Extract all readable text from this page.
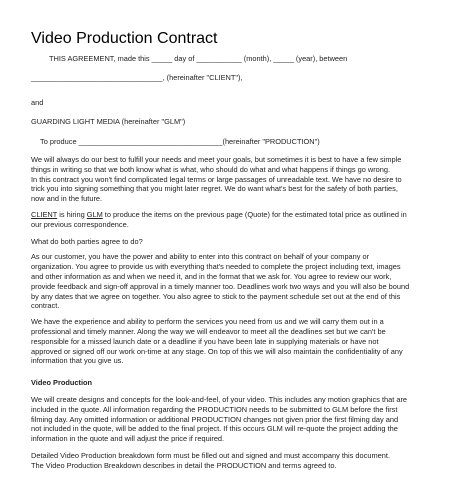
Video Production Contract

THIS AGREEMENT, made this _____ day of ___________ (month), _____ (year), between

________________________________, (hereinafter "CLIENT"),

and

GUARDING LIGHT MEDIA (hereinafter "GLM")

To produce ___________________________________(hereinafter "PRODUCTION")

We will always do our best to fulfill your needs and meet your goals, but sometimes it is best to have a few simple
things in writing so that we both know what is what, who should do what and what happens if things go wrong.
In this contract you won't find complicated legal terms or large passages of unreadable text. We have no desire to
trick you into signing something that you might later regret. We do want what's best for the safety of both parties,
now and in the future.

CLIENT is hiring GLM to produce the items on the previous page (Quote) for the estimated total price as outlined in
our previous correspondence.

What do both parties agree to do?

As our customer, you have the power and ability to enter into this contract on behalf of your company or
organization. You agree to provide us with everything that's needed to complete the project including text, images
and other information as and when we need it, and in the format that we ask for. You agree to review our work,
provide feedback and sign-off approval in a timely manner too. Deadlines work two ways and you will also be bound
by any dates that we agree on together. You also agree to stick to the payment schedule set out at the end of this
contract.

We have the experience and ability to perform the services you need from us and we will carry them out in a
professional and timely manner. Along the way we will endeavor to meet all the deadlines set but we can't be
responsible for a missed launch date or a deadline if you have been late in supplying materials or have not
approved or signed off our work on-time at any stage. On top of this we will also maintain the confidentiality of any
information that you give us.

Video Production

We will create designs and concepts for the look-and-feel, of your video. This includes any motion graphics that are
included in the quote. All information regarding the PRODUCTION needs to be submitted to GLM before the first
filming day. Any omitted information or additional PRODUCTION changes not given prior the first filming day and
not included in the quote, will be added to the final project. If this occurs GLM will re-quote the project adding the
information in the quote and will adjust the price if required.

Detailed Video Production breakdown form must be filled out and signed and must accompany this document.
The Video Production Breakdown describes in detail the PRODUCTION and terms agreed to.
